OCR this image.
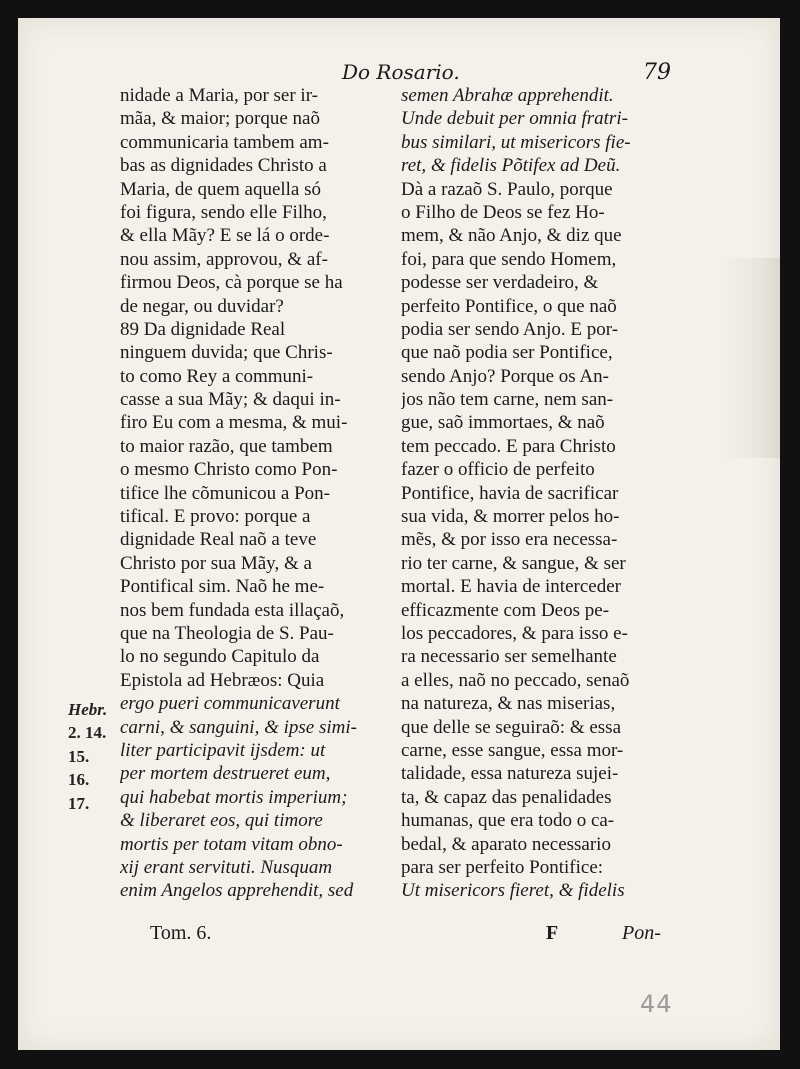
Do Rosario.	79
nidade a Maria, por ser ir-
mãa, & maior; porque naõ
communicaria tambem am-
bas as dignidades Christo a
Maria, de quem aquella só
foi figura, sendo elle Filho,
& ella Mãy? E se lá o orde-
nou assim, approvou, & af-
firmou Deos, cà porque se ha
de negar, ou duvidar?
89 Da dignidade Real
ninguem duvida; que Chris-
to como Rey a communi-
casse a sua Mãy; & daqui in-
firo Eu com a mesma, & mui-
to maior razão, que tambem
o mesmo Christo como Pon-
tifice lhe cõmunicou a Pon-
tifical. E provo: porque a
dignidade Real naõ a teve
Christo por sua Mãy, & a
Pontifical sim. Naõ he me-
nos bem fundada esta illaçaõ,
que na Theologia de S. Pau-
lo no segundo Capitulo da
Epistola ad Hebræos: Quia
ergo pueri communicaverunt
carni, & sanguini, & ipse simi-
liter participavit ijsdem: ut
per mortem destrueret eum,
qui habebat mortis imperium;
& liberaret eos, qui timore
mortis per totam vitam obno-
xij erant servituti. Nusquam
enim Angelos apprehendit, sed
semen Abrahæ apprehendit.
Unde debuit per omnia fratri-
bus similari, ut misericors fie-
ret, & fidelis Põtifex ad Deũ.
Dà a razaõ S. Paulo, porque
o Filho de Deos se fez Ho-
mem, & não Anjo, & diz que
foi, para que sendo Homem,
podesse ser verdadeiro, &
perfeito Pontifice, o que naõ
podia ser sendo Anjo. E por-
que naõ podia ser Pontifice,
sendo Anjo? Porque os An-
jos não tem carne, nem san-
gue, saõ immortaes, & naõ
tem peccado. E para Christo
fazer o officio de perfeito
Pontifice, havia de sacrificar
sua vida, & morrer pelos ho-
mẽs, & por isso era necessa-
rio ter carne, & sangue, & ser
mortal. E havia de interceder
efficazmente com Deos pe-
los peccadores, & para isso e-
ra necessario ser semelhante
a elles, naõ no peccado, senaõ
na natureza, & nas miserias,
que delle se seguiraõ: & essa
carne, esse sangue, essa mor-
talidade, essa natureza sujei-
ta, & capaz das penalidades
humanas, que era todo o ca-
bedal, & aparato necessario
para ser perfeito Pontifice:
Ut misericors fieret, & fidelis
Hebr.
2. 14.
15.
16.
17.
Tom. 6.	F	Pon-
44
